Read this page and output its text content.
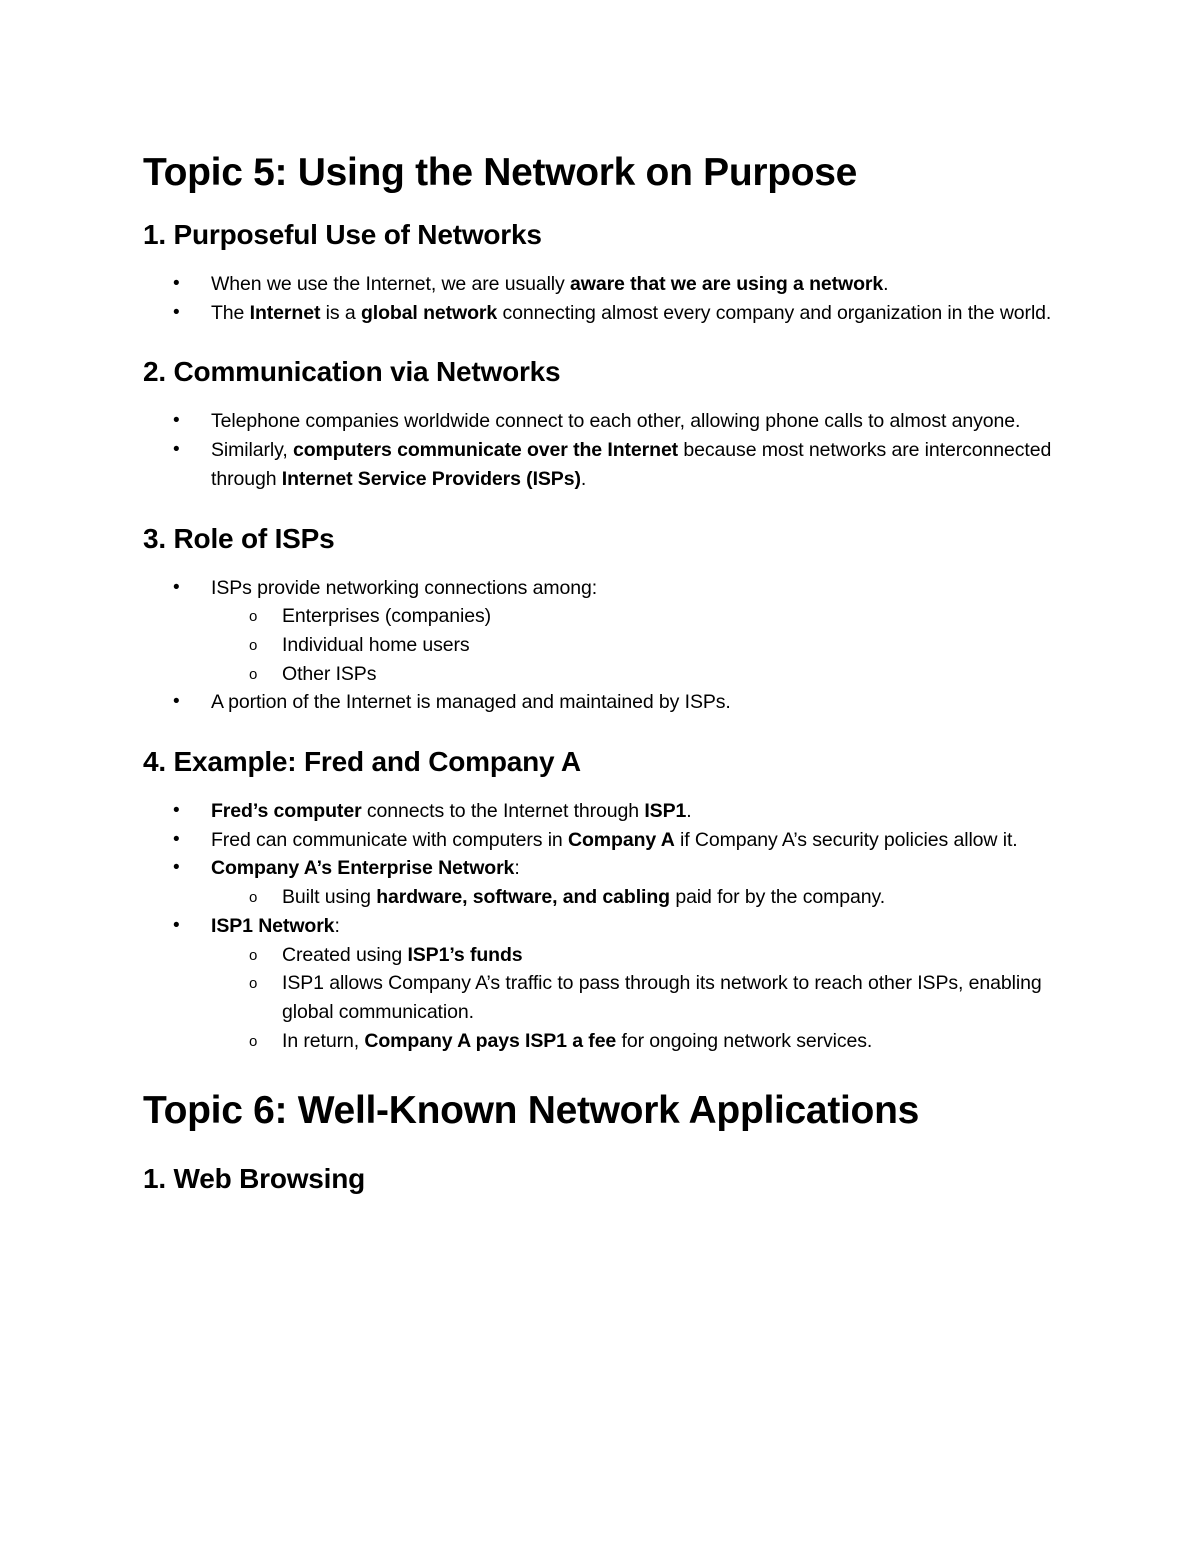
Topic 5: Using the Network on Purpose
1. Purposeful Use of Networks
• When we use the Internet, we are usually aware that we are using a network.
• The Internet is a global network connecting almost every company and organization in the world.
2. Communication via Networks
• Telephone companies worldwide connect to each other, allowing phone calls to almost anyone.
• Similarly, computers communicate over the Internet because most networks are interconnected through Internet Service Providers (ISPs).
3. Role of ISPs
• ISPs provide networking connections among:
o Enterprises (companies)
o Individual home users
o Other ISPs
• A portion of the Internet is managed and maintained by ISPs.
4. Example: Fred and Company A
• Fred’s computer connects to the Internet through ISP1.
• Fred can communicate with computers in Company A if Company A’s security policies allow it.
• Company A’s Enterprise Network:
o Built using hardware, software, and cabling paid for by the company.
• ISP1 Network:
o Created using ISP1’s funds
o ISP1 allows Company A’s traffic to pass through its network to reach other ISPs, enabling global communication.
o In return, Company A pays ISP1 a fee for ongoing network services.
Topic 6: Well-Known Network Applications
1. Web Browsing
